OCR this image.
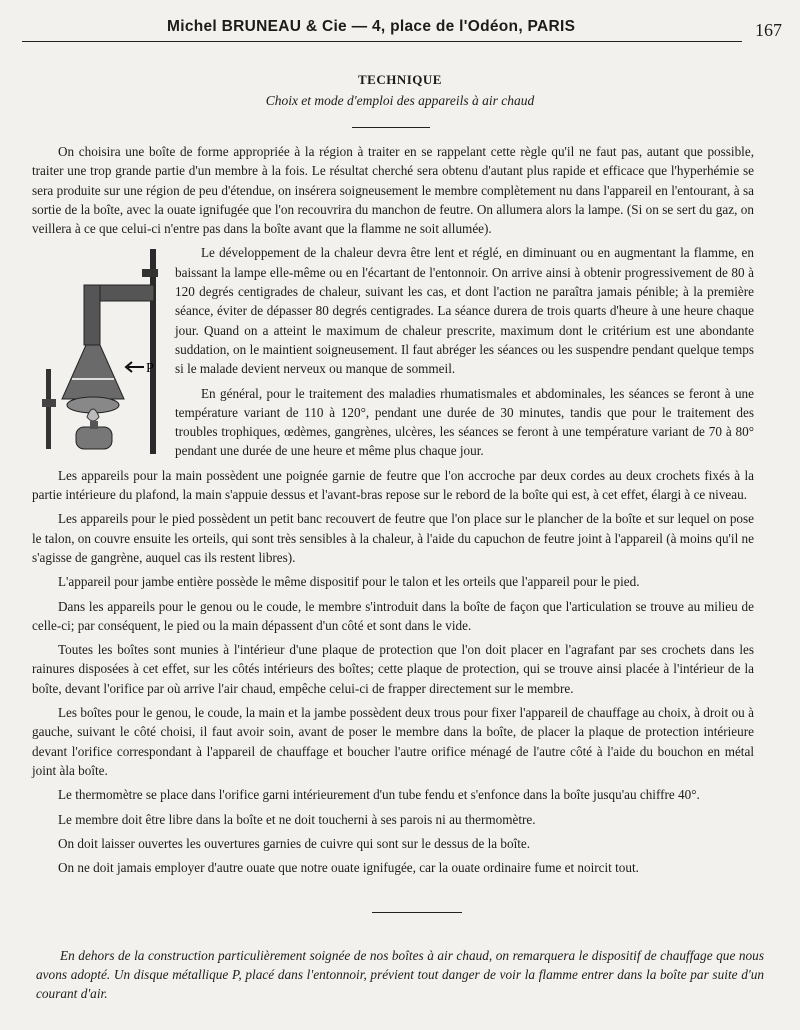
Michel BRUNEAU & Cie — 4, place de l'Odéon, PARIS	167
TECHNIQUE
Choix et mode d'emploi des appareils à air chaud

On choisira une boîte de forme appropriée à la région à traiter en se rappelant cette règle qu'il ne faut pas, autant que possible, traiter une trop grande partie d'un membre à la fois. Le résultat cherché sera obtenu d'autant plus rapide et efficace que l'hyperhémie se sera produite sur une région de peu d'étendue, on insérera soigneusement le membre complètement nu dans l'appareil en l'entourant, à sa sortie de la boîte, avec la ouate ignifugée que l'on recouvrira du manchon de feutre. On allumera alors la lampe. (Si on se sert du gaz, on veillera à ce que celui-ci n'entre pas dans la boîte avant que la flamme ne soit allumée).

P

Le développement de la chaleur devra être lent et réglé, en diminuant ou en augmentant la flamme, en baissant la lampe elle-même ou en l'écartant de l'entonnoir. On arrive ainsi à obtenir progressivement de 80 à 120 degrés centigrades de chaleur, suivant les cas, et dont l'action ne paraîtra jamais pénible; à la première séance, éviter de dépasser 80 degrés centigrades. La séance durera de trois quarts d'heure à une heure chaque jour. Quand on a atteint le maximum de chaleur prescrite, maximum dont le critérium est une abondante suddation, on le maintient soigneusement. Il faut abréger les séances ou les suspendre pendant quelque temps si le malade devient nerveux ou manque de sommeil.

En général, pour le traitement des maladies rhumatismales et abdominales, les séances se feront à une température variant de 110 à 120°, pendant une durée de 30 minutes, tandis que pour le traitement des troubles trophiques, œdèmes, gangrènes, ulcères, les séances se feront à une température variant de 70 à 80° pendant une durée de une heure et même plus chaque jour.

Les appareils pour la main possèdent une poignée garnie de feutre que l'on accroche par deux cordes au deux crochets fixés à la partie intérieure du plafond, la main s'appuie dessus et l'avant-bras repose sur le rebord de la boîte qui est, à cet effet, élargi à ce niveau.

Les appareils pour le pied possèdent un petit banc recouvert de feutre que l'on place sur le plancher de la boîte et sur lequel on pose le talon, on couvre ensuite les orteils, qui sont très sensibles à la chaleur, à l'aide du capuchon de feutre joint à l'appareil (à moins qu'il ne s'agisse de gangrène, auquel cas ils restent libres).

L'appareil pour jambe entière possède le même dispositif pour le talon et les orteils que l'appareil pour le pied.

Dans les appareils pour le genou ou le coude, le membre s'introduit dans la boîte de façon que l'articulation se trouve au milieu de celle-ci; par conséquent, le pied ou la main dépassent d'un côté et sont dans le vide.

Toutes les boîtes sont munies à l'intérieur d'une plaque de protection que l'on doit placer en l'agrafant par ses crochets dans les rainures disposées à cet effet, sur les côtés intérieurs des boîtes; cette plaque de protection, qui se trouve ainsi placée à l'intérieur de la boîte, devant l'orifice par où arrive l'air chaud, empêche celui-ci de frapper directement sur le membre.

Les boîtes pour le genou, le coude, la main et la jambe possèdent deux trous pour fixer l'appareil de chauffage au choix, à droit ou à gauche, suivant le côté choisi, il faut avoir soin, avant de poser le membre dans la boîte, de placer la plaque de protection intérieure devant l'orifice correspondant à l'appareil de chauffage et boucher l'autre orifice ménagé de l'autre côté à l'aide du bouchon en métal joint àla boîte.

Le thermomètre se place dans l'orifice garni intérieurement d'un tube fendu et s'enfonce dans la boîte jusqu'au chiffre 40°.

Le membre doit être libre dans la boîte et ne doit toucherni à ses parois ni au thermomètre.

On doit laisser ouvertes les ouvertures garnies de cuivre qui sont sur le dessus de la boîte.

On ne doit jamais employer d'autre ouate que notre ouate ignifugée, car la ouate ordinaire fume et noircit tout.

En dehors de la construction particulièrement soignée de nos boîtes à air chaud, on remarquera le dispositif de chauffage que nous avons adopté. Un disque métallique P, placé dans l'entonnoir, prévient tout danger de voir la flamme entrer dans la boîte par suite d'un courant d'air.
